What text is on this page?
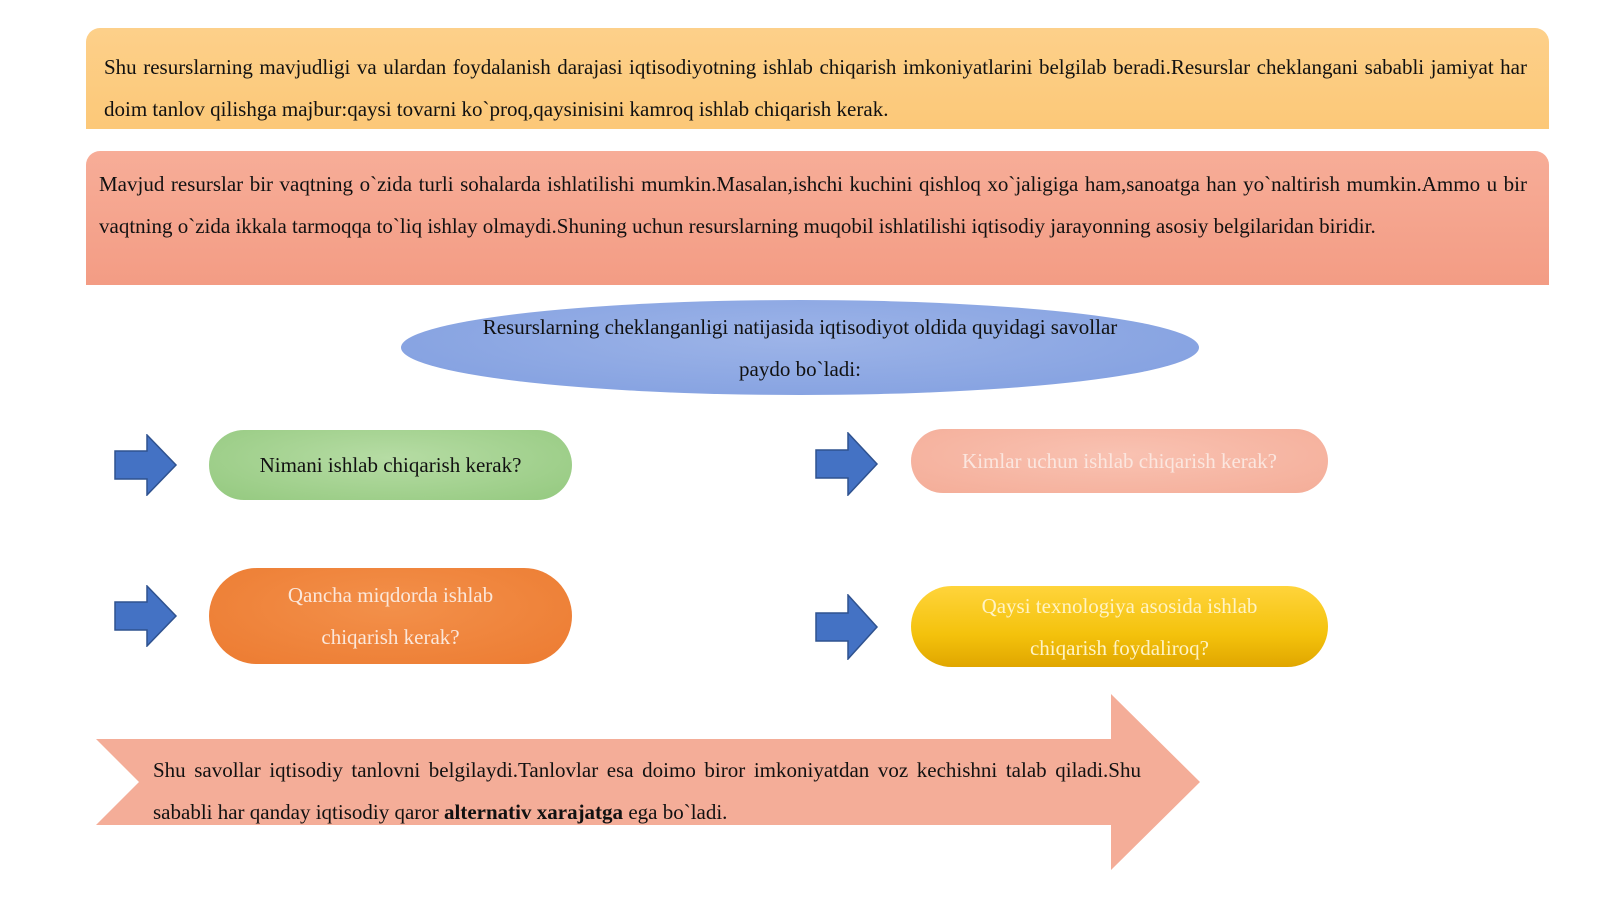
Shu resurslarning mavjudligi va ulardan foydalanish darajasi iqtisodiyotning ishlab chiqarish imkoniyatlarini belgilab beradi.Resurslar cheklangani sababli jamiyat har doim tanlov qilishga majbur:qaysi tovarni ko`proq,qaysinisini kamroq ishlab chiqarish kerak.

Mavjud resurslar bir vaqtning o`zida turli sohalarda ishlatilishi mumkin.Masalan,ishchi kuchini qishloq xo`jaligiga ham,sanoatga han yo`naltirish mumkin.Ammo u bir vaqtning o`zida ikkala tarmoqqa to`liq ishlay olmaydi.Shuning uchun resurslarning muqobil ishlatilishi iqtisodiy jarayonning asosiy belgilaridan biridir.

Resurslarning cheklanganligi natijasida iqtisodiyot oldida quyidagi savollar paydo bo`ladi:
Nimani ishlab chiqarish kerak?
Qancha miqdorda ishlab chiqarish kerak?
Kimlar uchun ishlab chiqarish kerak?
Qaysi texnologiya asosida ishlab chiqarish foydaliroq?
Shu savollar iqtisodiy tanlovni belgilaydi.Tanlovlar esa doimo biror imkoniyatdan voz kechishni talab qiladi.Shu sababli har qanday iqtisodiy qaror alternativ xarajatga ega bo`ladi.
